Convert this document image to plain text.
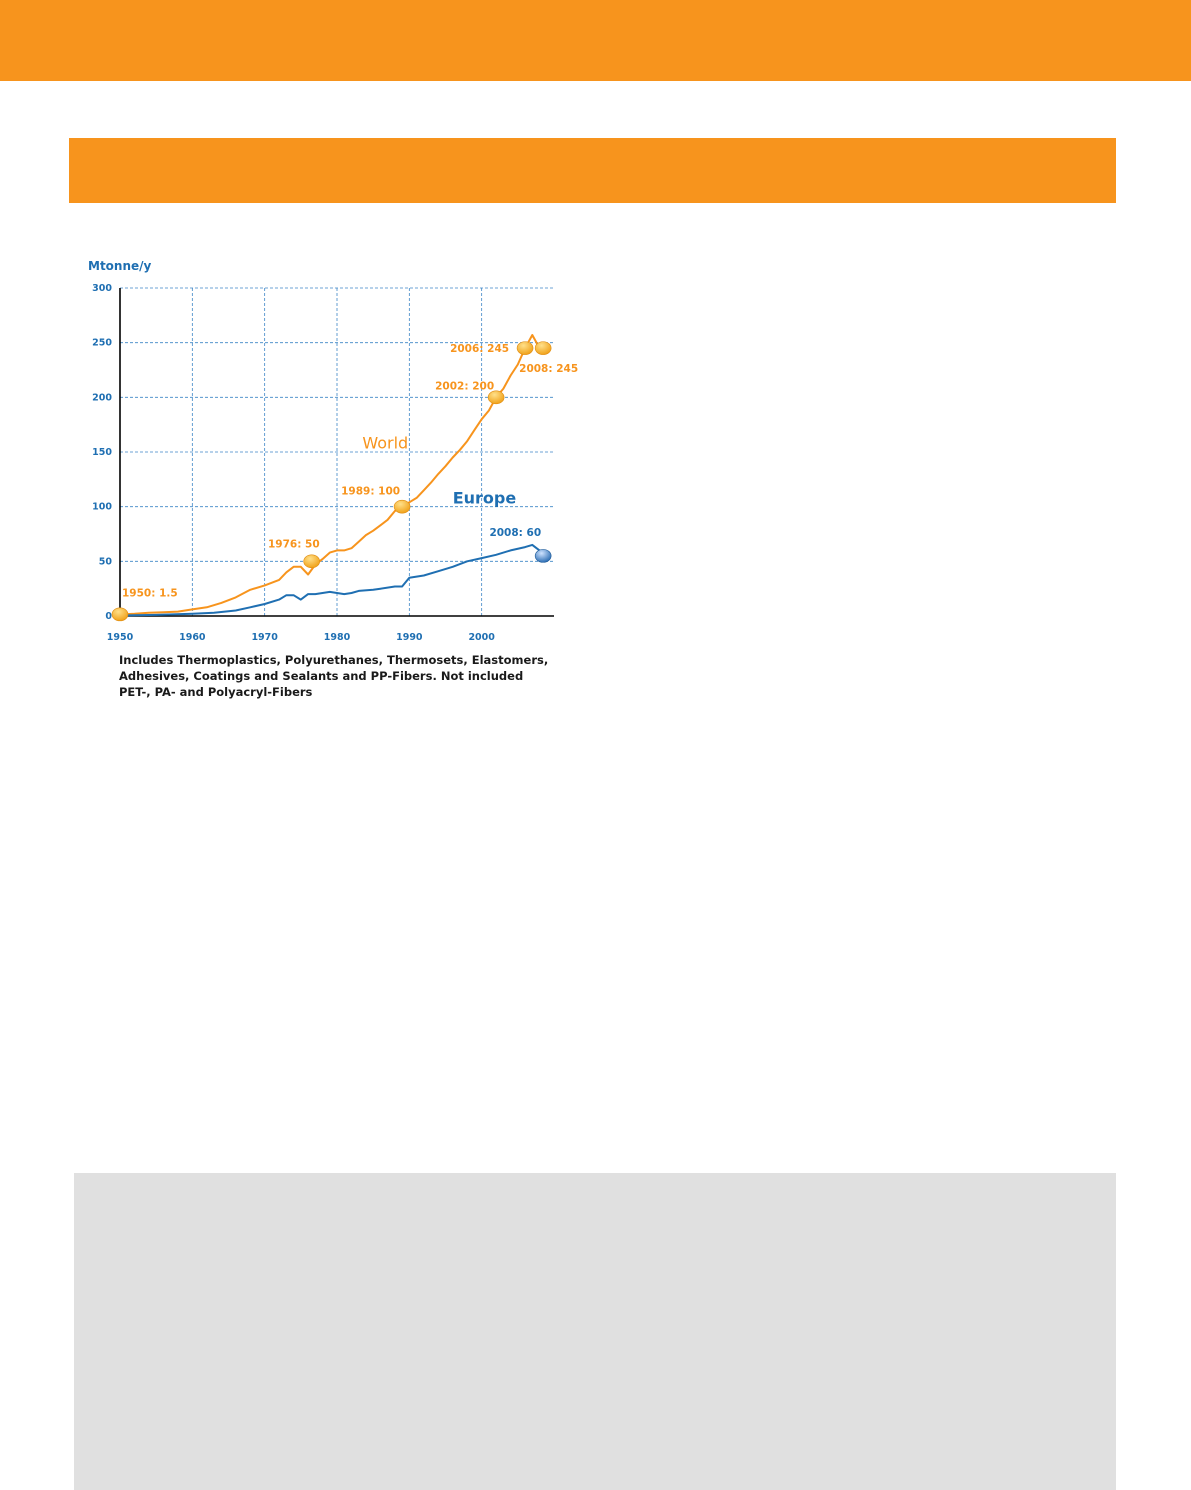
0
50
100
150
200
250
300
1950	1960	1970	1980	1990	2000
Mtonne/y
World
Europe
1950: 1.5
1976: 50
1989: 100
2002: 200
2006: 245
2008: 245
2008: 60
Includes Thermoplastics, Polyurethanes, Thermosets, Elastomers, Adhesives, Coatings and Sealants and PP-Fibers. Not included PET-, PA- and Polyacryl-Fibers
